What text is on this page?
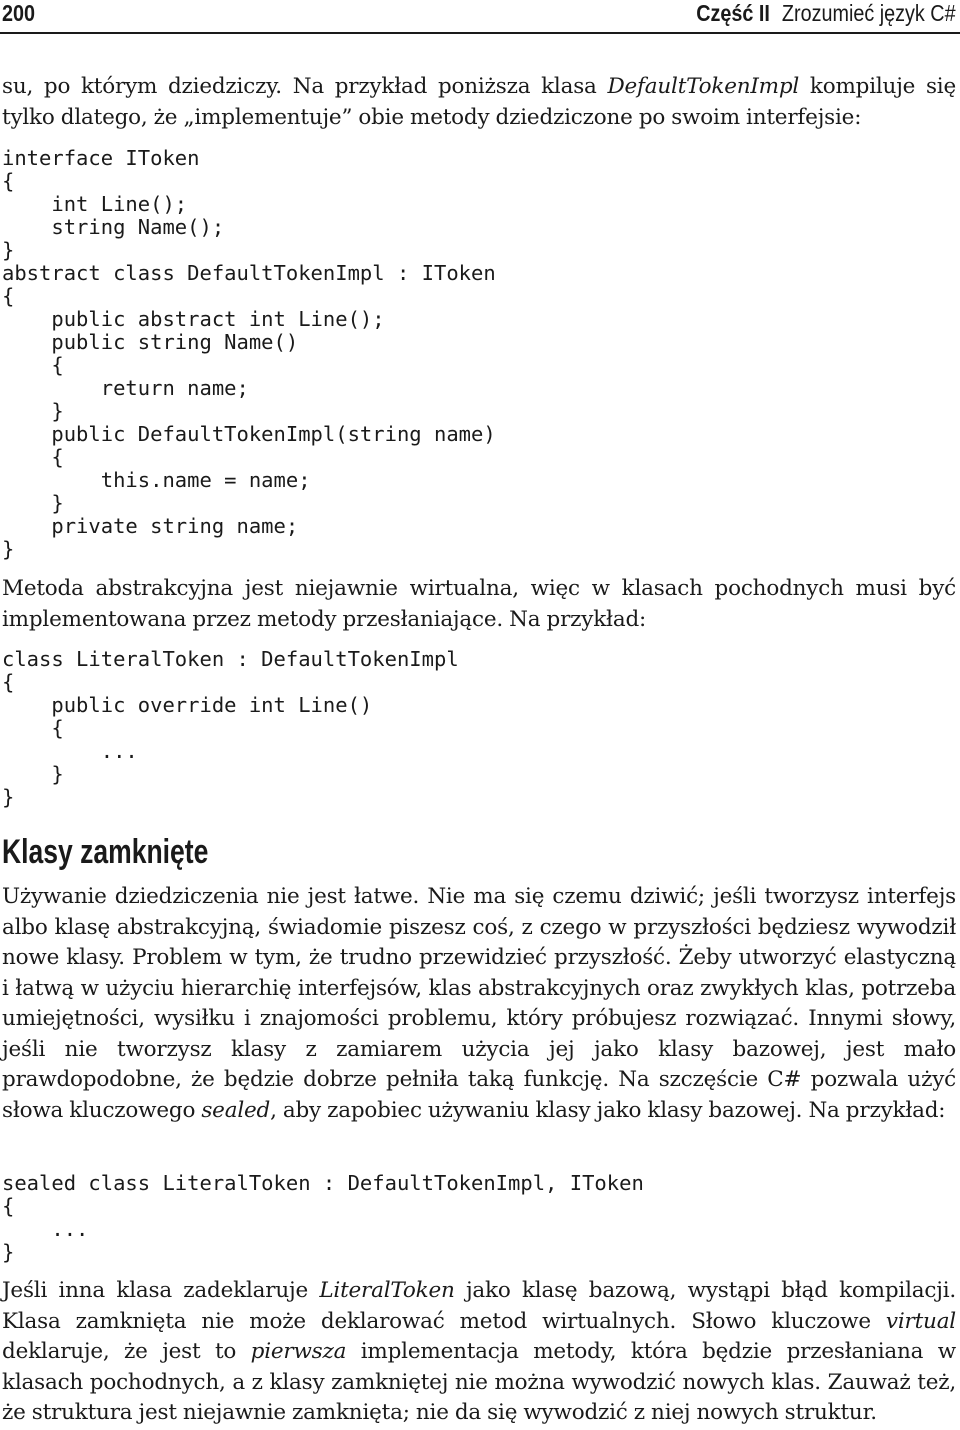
200	Część II Zrozumieć język C#

su, po którym dziedziczy. Na przykład poniższa klasa DefaultTokenImpl kompiluje się tylko dlatego, że „implementuje” obie metody dziedziczone po swoim interfejsie:

interface IToken
{
int Line();
string Name();
}
abstract class DefaultTokenImpl : IToken
{
public abstract int Line();
public string Name()
{
return name;
}
public DefaultTokenImpl(string name)
{
this.name = name;
}
private string name;
}

Metoda abstrakcyjna jest niejawnie wirtualna, więc w klasach pochodnych musi być implementowana przez metody przesłaniające. Na przykład:

class LiteralToken : DefaultTokenImpl
{
public override int Line()
{
...
}
}
Klasy zamknięte

Używanie dziedziczenia nie jest łatwe. Nie ma się czemu dziwić; jeśli tworzysz interfejs albo klasę abstrakcyjną, świadomie piszesz coś, z czego w przyszłości będziesz wywodził nowe klasy. Problem w tym, że trudno przewidzieć przyszłość. Żeby utworzyć elastyczną i łatwą w użyciu hierarchię interfejsów, klas abstrakcyjnych oraz zwykłych klas, potrzeba umiejętności, wysiłku i znajomości problemu, który próbujesz rozwiązać. Innymi słowy, jeśli nie tworzysz klasy z zamiarem użycia jej jako klasy bazowej, jest mało prawdopodobne, że będzie dobrze pełniła taką funkcję. Na szczęście C# pozwala użyć słowa kluczowego sealed, aby zapobiec używaniu klasy jako klasy bazowej. Na przykład:

sealed class LiteralToken : DefaultTokenImpl, IToken
{
...
}

Jeśli inna klasa zadeklaruje LiteralToken jako klasę bazową, wystąpi błąd kompilacji. Klasa zamknięta nie może deklarować metod wirtualnych. Słowo kluczowe virtual deklaruje, że jest to pierwsza implementacja metody, która będzie przesłaniana w klasach pochodnych, a z klasy zamkniętej nie można wywodzić nowych klas. Zauważ też, że struktura jest niejawnie zamknięta; nie da się wywodzić z niej nowych struktur.
